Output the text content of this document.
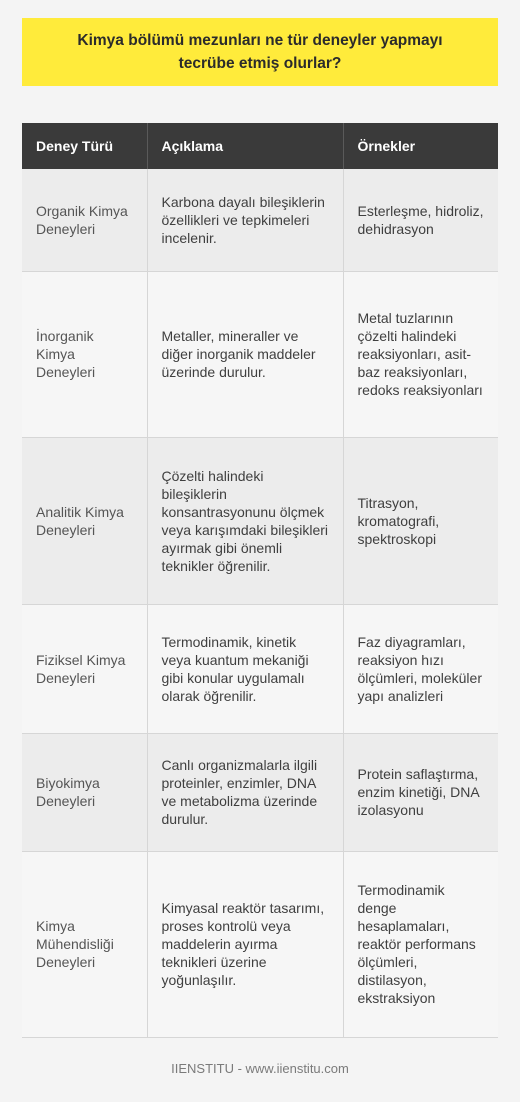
Kimya bölümü mezunları ne tür deneyler yapmayı tecrübe etmiş olurlar?
Deney Türü	Açıklama	Örnekler
Organik Kimya Deneyleri	Karbona dayalı bileşiklerin özellikleri ve tepkimeleri incelenir.	Esterleşme, hidroliz, dehidrasyon
İnorganik Kimya Deneyleri	Metaller, mineraller ve diğer inorganik maddeler üzerinde durulur.	Metal tuzlarının çözelti halindeki reaksiyonları, asit-baz reaksiyonları, redoks reaksiyonları
Analitik Kimya Deneyleri	Çözelti halindeki bileşiklerin konsantrasyonunu ölçmek veya karışımdaki bileşikleri ayırmak gibi önemli teknikler öğrenilir.	Titrasyon, kromatografi, spektroskopi
Fiziksel Kimya Deneyleri	Termodinamik, kinetik veya kuantum mekaniği gibi konular uygulamalı olarak öğrenilir.	Faz diyagramları, reaksiyon hızı ölçümleri, moleküler yapı analizleri
Biyokimya Deneyleri	Canlı organizmalarla ilgili proteinler, enzimler, DNA ve metabolizma üzerinde durulur.	Protein saflaştırma, enzim kinetiği, DNA izolasyonu
Kimya Mühendisliği Deneyleri	Kimyasal reaktör tasarımı, proses kontrolü veya maddelerin ayırma teknikleri üzerine yoğunlaşılır.	Termodinamik denge hesaplamaları, reaktör performans ölçümleri, distilasyon, ekstraksiyon
IIENSTITU - www.iienstitu.com
